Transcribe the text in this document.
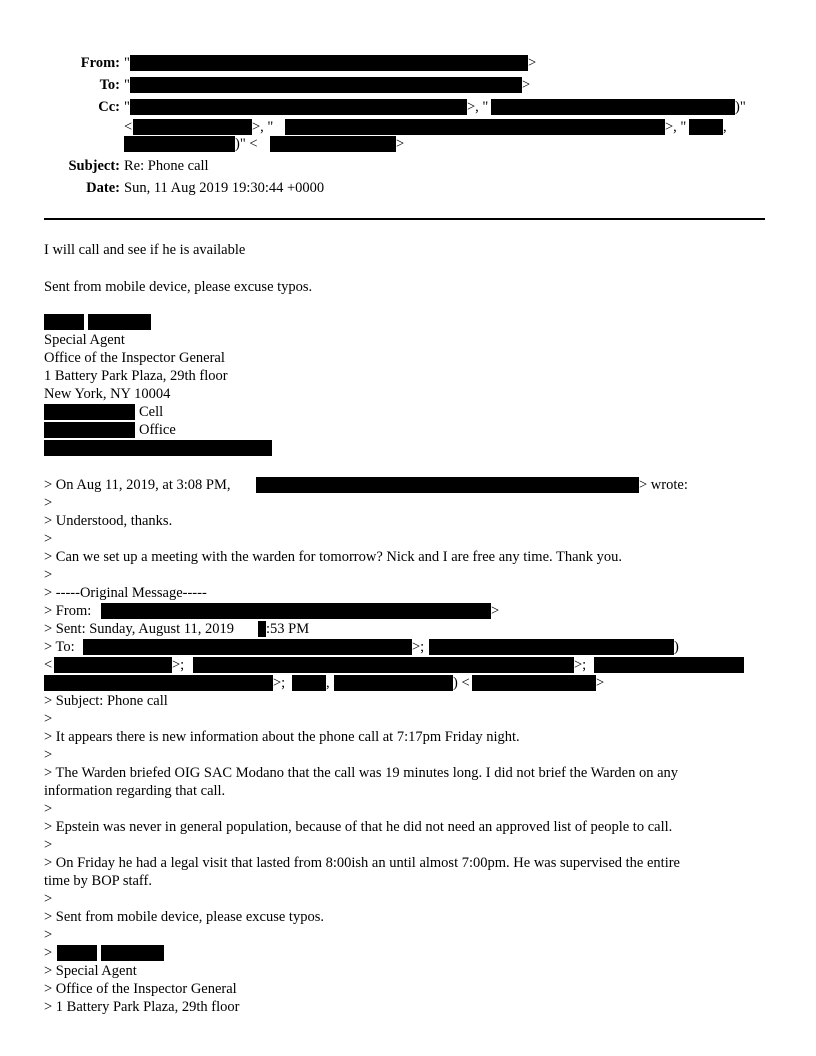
From: "	>
To: "	>
Cc: "	>, "	)"
<	>, "	>, "	,
)" <	>
Subject: Re: Phone call
Date: Sun, 11 Aug 2019 19:30:44 +0000
I will call and see if he is available
Sent from mobile device, please excuse typos.
Special Agent
Office of the Inspector General
1 Battery Park Plaza, 29th floor
New York, NY 10004
Cell
Office
> On Aug 11, 2019, at 3:08 PM,	> wrote:
>
> Understood, thanks.
>
> Can we set up a meeting with the warden for tomorrow? Nick and I are free any time. Thank you.
>
> -----Original Message-----
> From:	>
> Sent: Sunday, August 11, 2019 :53 PM
> To:	>;	)
<	>;	>;
>;	,	) <	>
> Subject: Phone call
>
> It appears there is new information about the phone call at 7:17pm Friday night.
>
> The Warden briefed OIG SAC Modano that the call was 19 minutes long. I did not brief the Warden on any
information regarding that call.
>
> Epstein was never in general population, because of that he did not need an approved list of people to call.
>
> On Friday he had a legal visit that lasted from 8:00ish an until almost 7:00pm. He was supervised the entire
time by BOP staff.
>
> Sent from mobile device, please excuse typos.
>
>
> Special Agent
> Office of the Inspector General
> 1 Battery Park Plaza, 29th floor
